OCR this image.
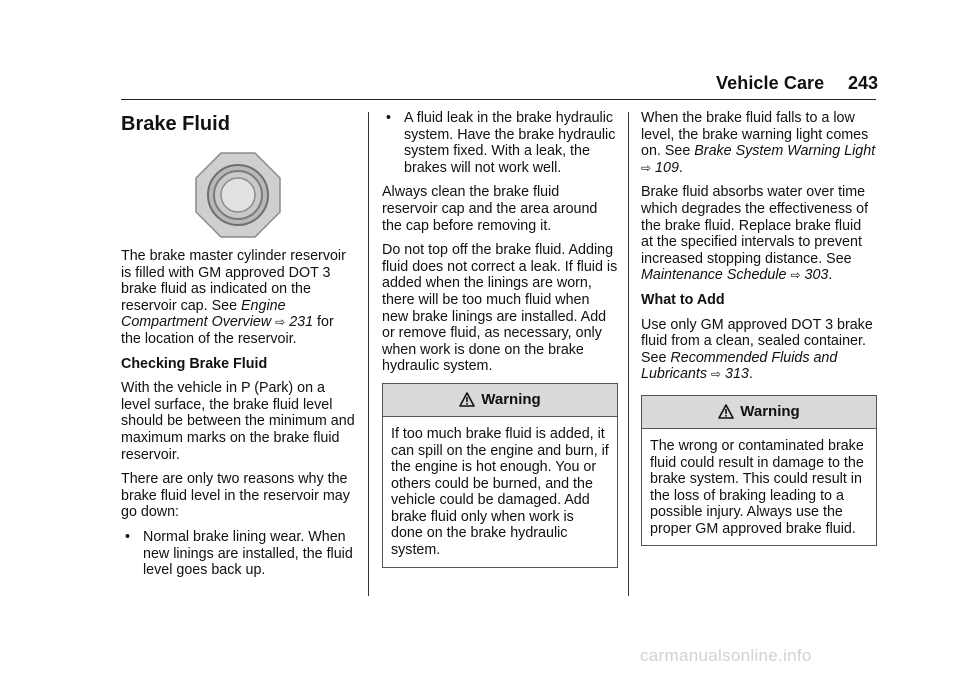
Vehicle Care 243
Brake Fluid

The brake master cylinder reservoir is filled with GM approved DOT 3 brake fluid as indicated on the reservoir cap. See Engine Compartment Overview ⇨ 231 for the location of the reservoir.

Checking Brake Fluid

With the vehicle in P (Park) on a level surface, the brake fluid level should be between the minimum and maximum marks on the brake fluid reservoir.

There are only two reasons why the brake fluid level in the reservoir may go down:

• Normal brake lining wear. When new linings are installed, the fluid level goes back up.
• A fluid leak in the brake hydraulic system. Have the brake hydraulic system fixed. With a leak, the brakes will not work well.

Always clean the brake fluid reservoir cap and the area around the cap before removing it.

Do not top off the brake fluid. Adding fluid does not correct a leak. If fluid is added when the linings are worn, there will be too much fluid when new brake linings are installed. Add or remove fluid, as necessary, only when work is done on the brake hydraulic system.

Warning
If too much brake fluid is added, it can spill on the engine and burn, if the engine is hot enough. You or others could be burned, and the vehicle could be damaged. Add brake fluid only when work is done on the brake hydraulic system.

When the brake fluid falls to a low level, the brake warning light comes on. See Brake System Warning Light ⇨ 109.

Brake fluid absorbs water over time which degrades the effectiveness of the brake fluid. Replace brake fluid at the specified intervals to prevent increased stopping distance. See Maintenance Schedule ⇨ 303.

What to Add

Use only GM approved DOT 3 brake fluid from a clean, sealed container. See Recommended Fluids and Lubricants ⇨ 313.

Warning
The wrong or contaminated brake fluid could result in damage to the brake system. This could result in the loss of braking leading to a possible injury. Always use the proper GM approved brake fluid.
carmanualsonline.info
